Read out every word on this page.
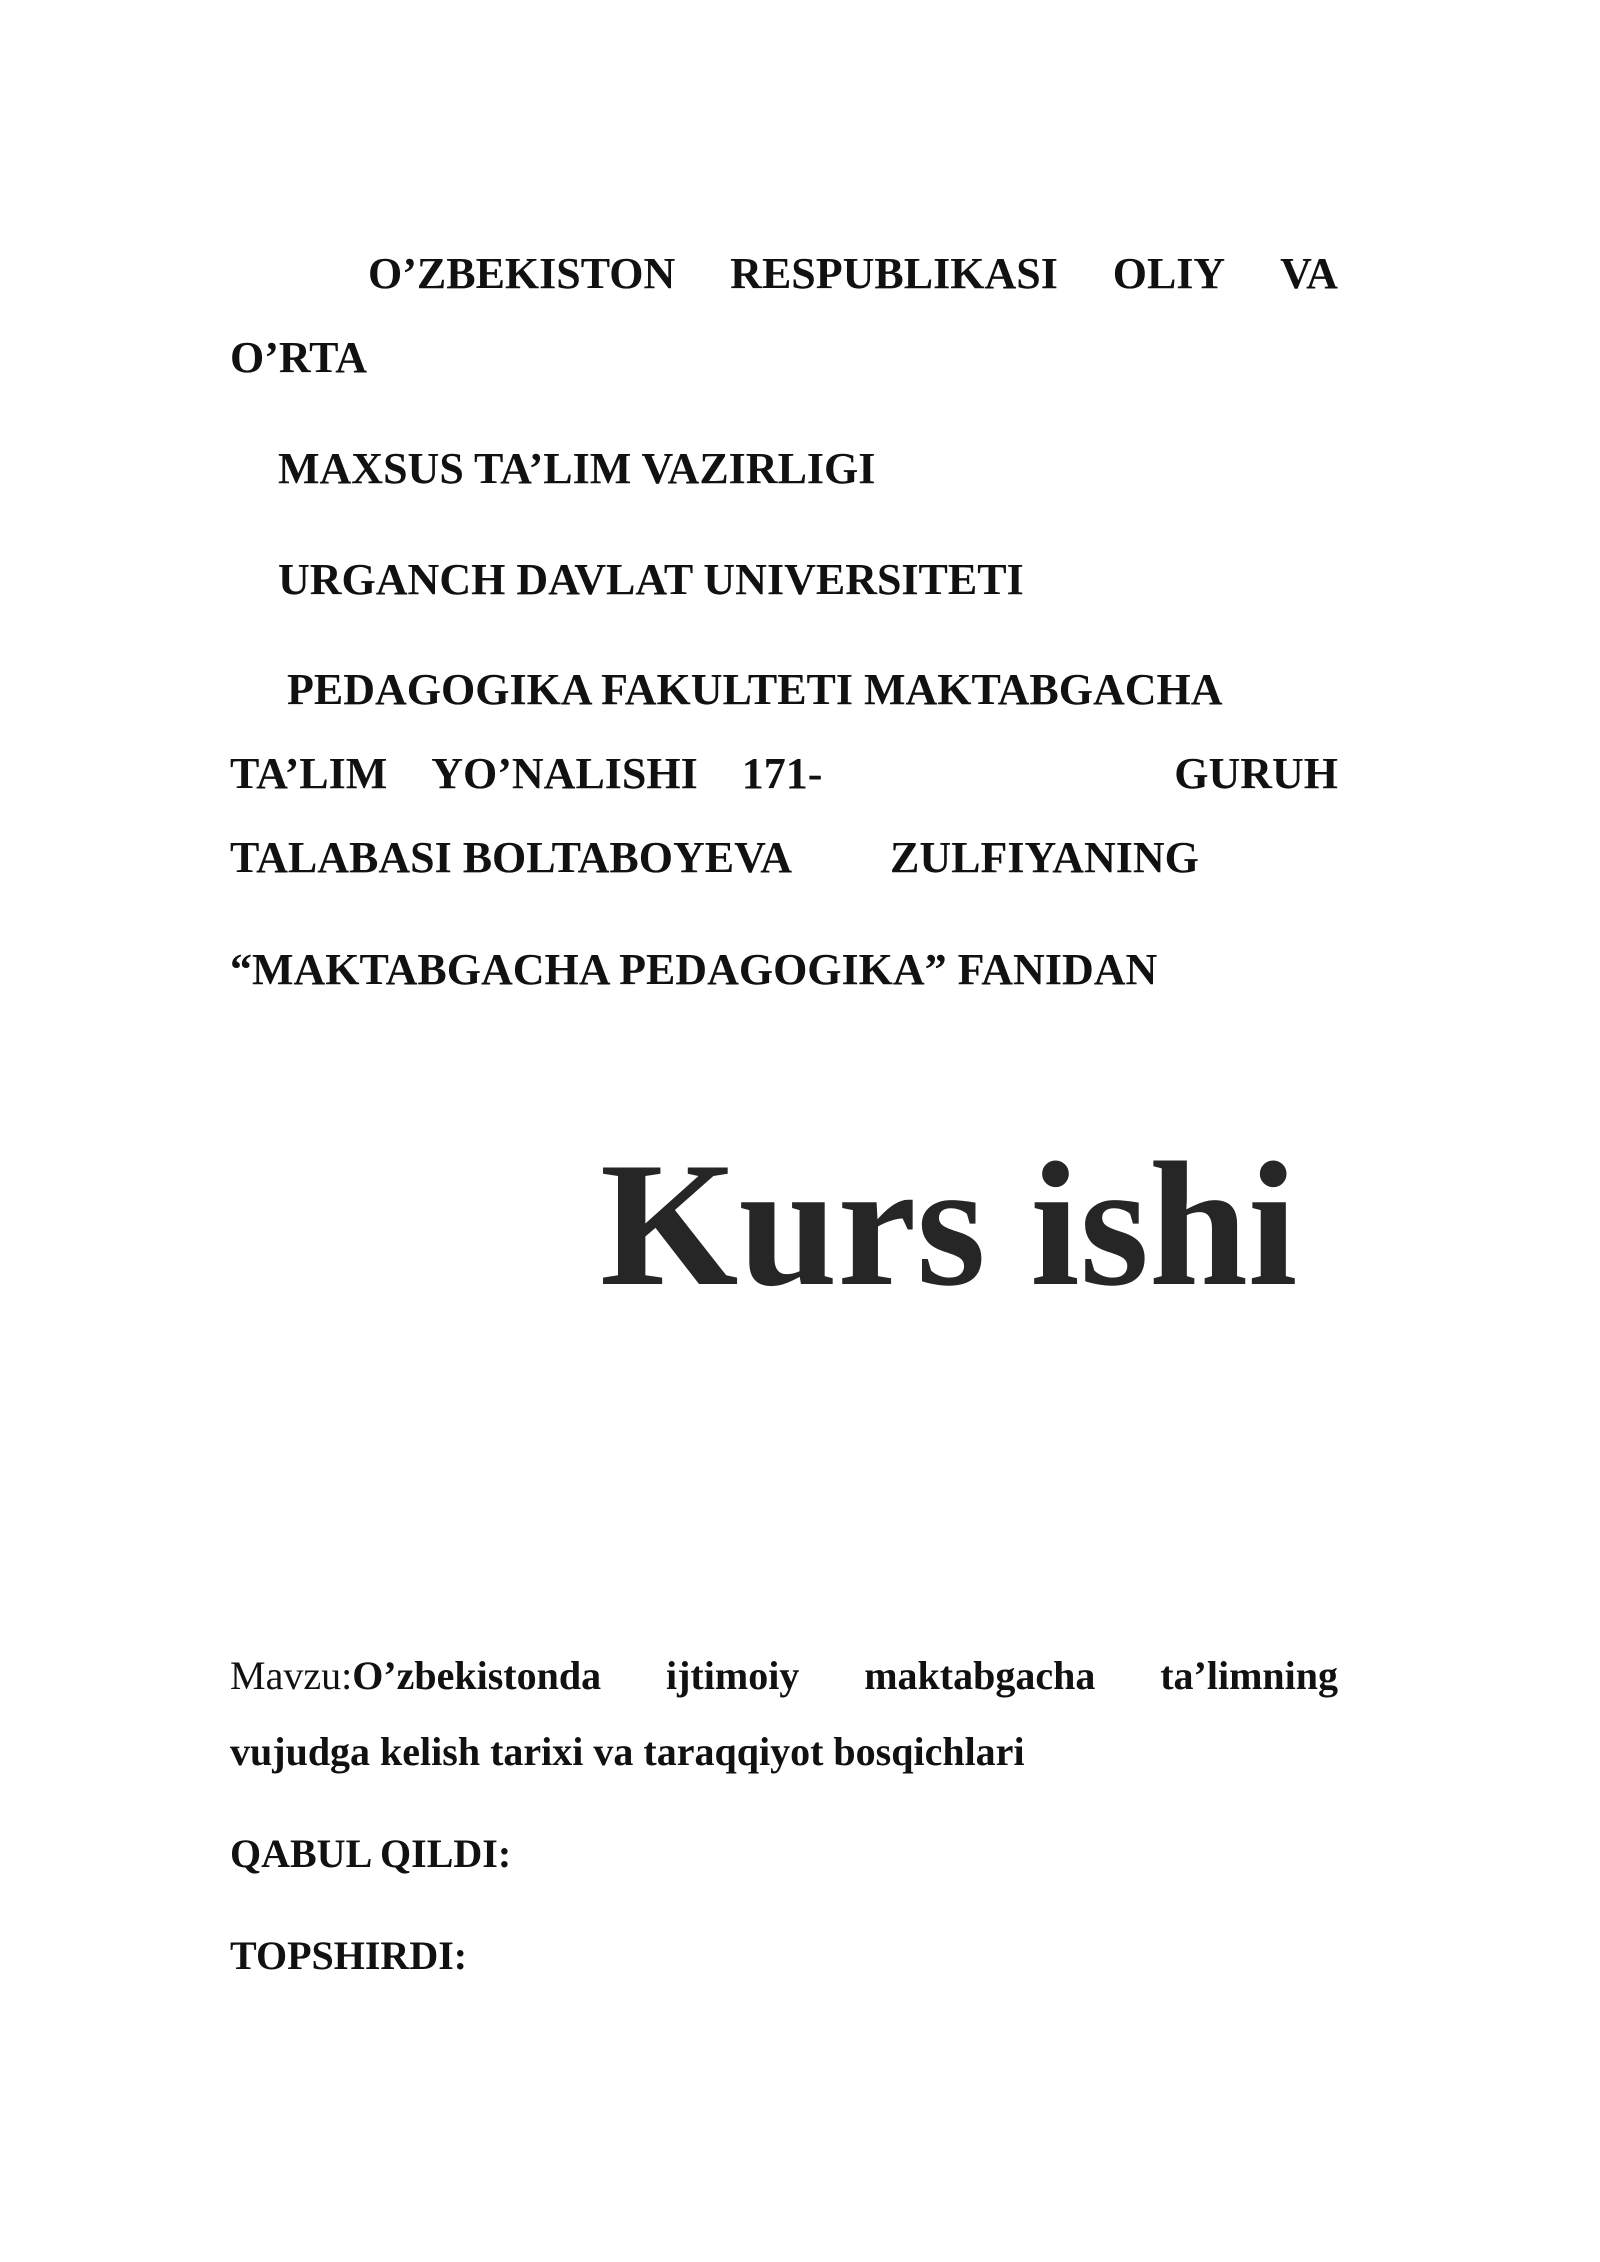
O’ZBEKISTON RESPUBLIKASI OLIY VA
O’RTA
MAXSUS TA’LIM VAZIRLIGI
URGANCH DAVLAT UNIVERSITETI
PEDAGOGIKA FAKULTETI MAKTABGACHA
TA’LIM YO’NALISHI 171-	GURUH
TALABASI BOLTABOYEVA ZULFIYANING
“MAKTABGACHA PEDAGOGIKA” FANIDAN
Kurs ishi
Mavzu:O’zbekistonda ijtimoiy maktabgacha ta’limning
vujudga kelish tarixi va taraqqiyot bosqichlari
QABUL QILDI:
TOPSHIRDI:
